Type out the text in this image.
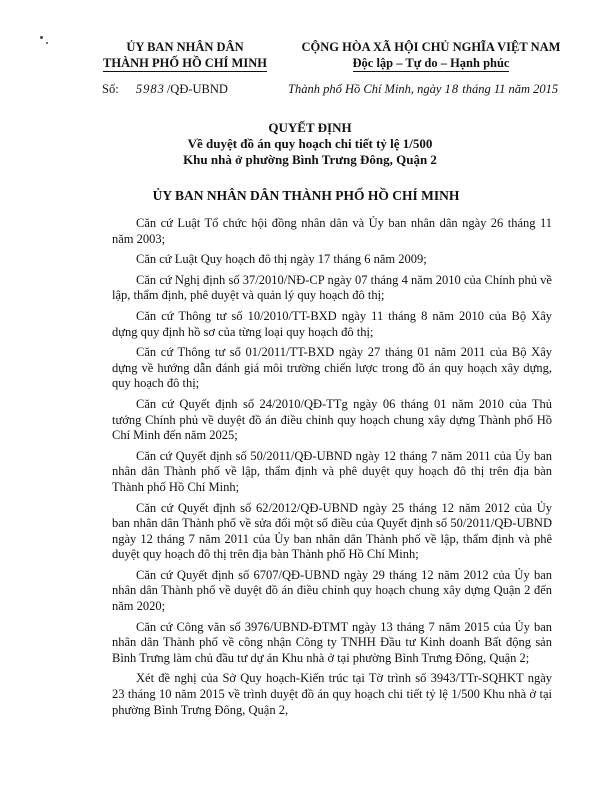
ỦY BAN NHÂN DÂN
THÀNH PHỐ HỒ CHÍ MINH
CỘNG HÒA XÃ HỘI CHỦ NGHĨA VIỆT NAM
Độc lập – Tự do – Hạnh phúc
Số: 5983 /QĐ-UBND	Thành phố Hồ Chí Minh, ngày 18 tháng 11 năm 2015
QUYẾT ĐỊNH
Về duyệt đồ án quy hoạch chi tiết tỷ lệ 1/500
Khu nhà ở phường Bình Trưng Đông, Quận 2
ỦY BAN NHÂN DÂN THÀNH PHỐ HỒ CHÍ MINH

Căn cứ Luật Tổ chức hội đồng nhân dân và Ủy ban nhân dân ngày 26 tháng 11 năm 2003;

Căn cứ Luật Quy hoạch đô thị ngày 17 tháng 6 năm 2009;

Căn cứ Nghị định số 37/2010/NĐ-CP ngày 07 tháng 4 năm 2010 của Chính phủ về lập, thẩm định, phê duyệt và quản lý quy hoạch đô thị;

Căn cứ Thông tư số 10/2010/TT-BXD ngày 11 tháng 8 năm 2010 của Bộ Xây dựng quy định hồ sơ của từng loại quy hoạch đô thị;

Căn cứ Thông tư số 01/2011/TT-BXD ngày 27 tháng 01 năm 2011 của Bộ Xây dựng về hướng dẫn đánh giá môi trường chiến lược trong đồ án quy hoạch xây dựng, quy hoạch đô thị;

Căn cứ Quyết định số 24/2010/QĐ-TTg ngày 06 tháng 01 năm 2010 của Thủ tướng Chính phủ về duyệt đồ án điều chỉnh quy hoạch chung xây dựng Thành phố Hồ Chí Minh đến năm 2025;

Căn cứ Quyết định số 50/2011/QĐ-UBND ngày 12 tháng 7 năm 2011 của Ủy ban nhân dân Thành phố về lập, thẩm định và phê duyệt quy hoạch đô thị trên địa bàn Thành phố Hồ Chí Minh;

Căn cứ Quyết định số 62/2012/QĐ-UBND ngày 25 tháng 12 năm 2012 của Ủy ban nhân dân Thành phố về sửa đổi một số điều của Quyết định số 50/2011/QĐ-UBND ngày 12 tháng 7 năm 2011 của Ủy ban nhân dân Thành phố về lập, thẩm định và phê duyệt quy hoạch đô thị trên địa bàn Thành phố Hồ Chí Minh;

Căn cứ Quyết định số 6707/QĐ-UBND ngày 29 tháng 12 năm 2012 của Ủy ban nhân dân Thành phố về duyệt đồ án điều chỉnh quy hoạch chung xây dựng Quận 2 đến năm 2020;

Căn cứ Công văn số 3976/UBND-ĐTMT ngày 13 tháng 7 năm 2015 của Ủy ban nhân dân Thành phố về công nhận Công ty TNHH Đầu tư Kinh doanh Bất động sản Bình Trưng làm chủ đầu tư dự án Khu nhà ở tại phường Bình Trưng Đông, Quận 2;

Xét đề nghị của Sở Quy hoạch-Kiến trúc tại Tờ trình số 3943/TTr-SQHKT ngày 23 tháng 10 năm 2015 về trình duyệt đồ án quy hoạch chi tiết tỷ lệ 1/500 Khu nhà ở tại phường Bình Trưng Đông, Quận 2,
